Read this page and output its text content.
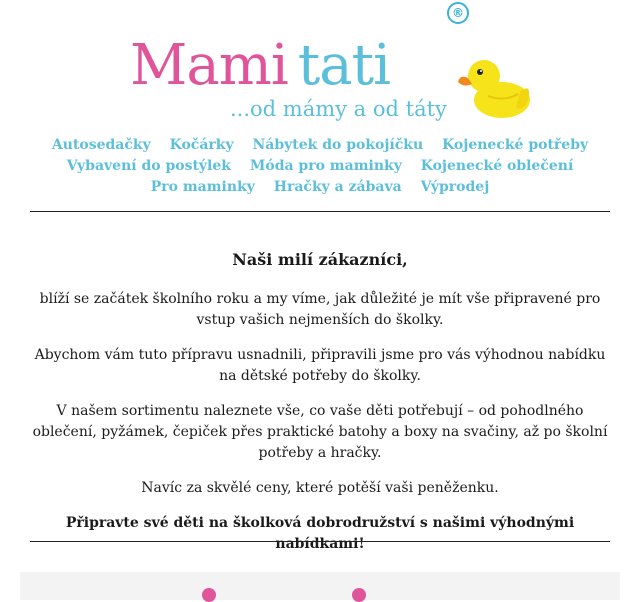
Mami tati
®
...od mámy a od táty
Autosedačky Kočárky Nábytek do pokojíčku Kojenecké potřeby
Vybavení do postýlek Móda pro maminky Kojenecké oblečení
Pro maminky Hračky a zábava Výprodej
Naši milí zákazníci,

blíží se začátek školního roku a my víme, jak důležité je mít vše připravené pro vstup vašich nejmenších do školky.

Abychom vám tuto přípravu usnadnili, připravili jsme pro vás výhodnou nabídku na dětské potřeby do školky.

V našem sortimentu naleznete vše, co vaše děti potřebují – od pohodlného oblečení, pyžámek, čepiček přes praktické batohy a boxy na svačiny, až po školní potřeby a hračky.

Navíc za skvělé ceny, které potěší vaši peněženku.

Připravte své děti na školková dobrodružství s našimi výhodnými nabídkami!
